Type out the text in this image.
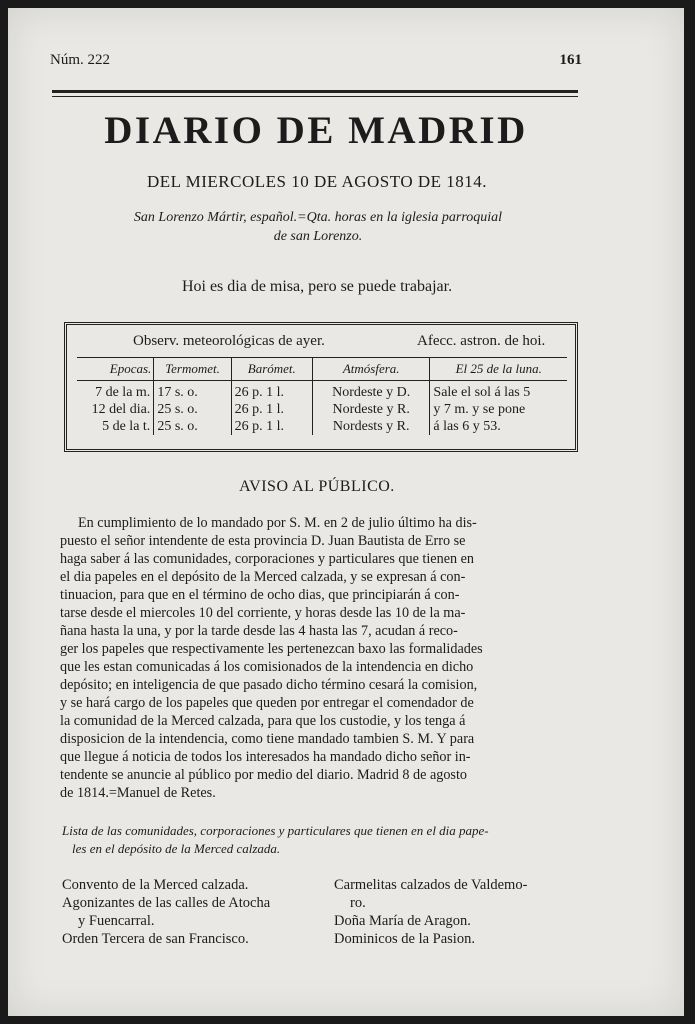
Núm. 222	161
DIARIO DE MADRID
DEL MIERCOLES 10 DE AGOSTO DE 1814.
San Lorenzo Mártir, español.=Qta. horas en la iglesia parroquial
de san Lorenzo.
Hoi es dia de misa, pero se puede trabajar.
Observ. meteorológicas de ayer.	Afecc. astron. de hoi.
Epocas.	Termomet.	Barómet.	Atmósfera.	El 25 de la luna.
7 de la m.	17 s. o.	26 p. 1 l.	Nordeste y D.	Sale el sol á las 5
12 del dia.	25 s. o.	26 p. 1 l.	Nordeste y R.	y 7 m. y se pone
5 de la t.	25 s. o.	26 p. 1 l.	Nordests y R.	á las 6 y 53.
AVISO AL PÚBLICO.
En cumplimiento de lo mandado por S. M. en 2 de julio último ha dis-
puesto el señor intendente de esta provincia D. Juan Bautista de Erro se
haga saber á las comunidades, corporaciones y particulares que tienen en
el dia papeles en el depósito de la Merced calzada, y se expresan á con-
tinuacion, para que en el término de ocho dias, que principiarán á con-
tarse desde el miercoles 10 del corriente, y horas desde las 10 de la ma-
ñana hasta la una, y por la tarde desde las 4 hasta las 7, acudan á reco-
ger los papeles que respectivamente les pertenezcan baxo las formalidades
que les estan comunicadas á los comisionados de la intendencia en dicho
depósito; en inteligencia de que pasado dicho término cesará la comision,
y se hará cargo de los papeles que queden por entregar el comendador de
la comunidad de la Merced calzada, para que los custodie, y los tenga á
disposicion de la intendencia, como tiene mandado tambien S. M. Y para
que llegue á noticia de todos los interesados ha mandado dicho señor in-
tendente se anuncie al público por medio del diario. Madrid 8 de agosto
de 1814.=Manuel de Retes.
Lista de las comunidades, corporaciones y particulares que tienen en el dia pape-
les en el depósito de la Merced calzada.
Convento de la Merced calzada.
Agonizantes de las calles de Atocha
y Fuencarral.
Orden Tercera de san Francisco.
Carmelitas calzados de Valdemo-
ro.
Doña María de Aragon.
Dominicos de la Pasion.
